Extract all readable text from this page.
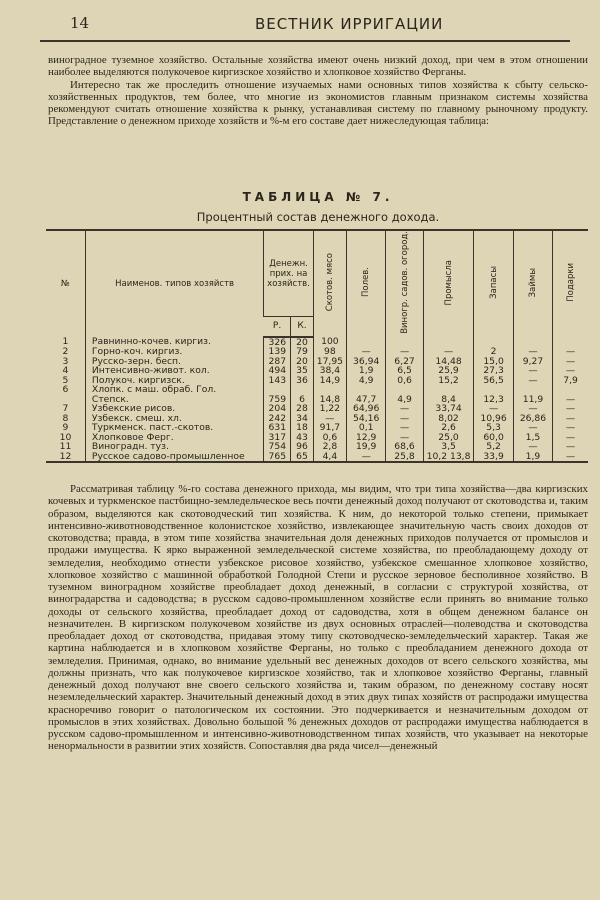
14	ВЕСТНИК ИРРИГАЦИИ

виноградное туземное хозяйство. Остальные хозяйства имеют очень низкий доход, при чем в этом отношении наиболее выделяются полукочевое киргизское хозяйство и хлопковое хозяйство Ферганы.

Интересно так же проследить отношение изучаемых нами основных типов хозяйства к сбыту сельско-хозяйственных продуктов, тем более, что многие из экономистов главным признаком системы хозяйства рекомендуют считать отношение хозяйства к рынку, устанавливая систему по главному рыночному продукту. Представление о денежном приходе хозяйств и %-м его составе дает нижеследующая таблица:

ТАБЛИЦА № 7.
Процентный состав денежного дохода.
№	Наименов. типов хозяйств	Денежн. прих. на хозяйств.		Скотов. мясо	Полев.	Виногр. садов. огород.	Промысла	Запасы	Займы	Подарки
		Р.	К.							
1	Равнинно-кочев. киргиз.	326	20	100						
2	Горно-коч. киргиз.	139	79	98	—	—	—	2	—	—
3	Русско-зерн. бесп.	287	20	17,95	36,94	6,27	14,48	15,0	9,27	—
4	Интенсивно-живот. кол.	494	35	38,4	1,9	6,5	25,9	27,3	—	—
5	Полукоч. киргизск.	143	36	14,9	4,9	0,6	15,2	56,5	—	7,9
6	Хлопк. с маш. обраб. Гол.									
	Степск.	759	6	14,8	47,7	4,9	8,4	12,3	11,9	—
7	Узбекские рисов.	204	28	1,22	64,96	—	33,74	—	—	—
8	Узбекск. смеш. хл.	242	34	—	54,16	—	8,02	10,96	26,86	—
9	Туркменск. паст.-скотов.	631	18	91,7	0,1	—	2,6	5,3	—	—
10	Хлопковое Ферг.	317	43	0,6	12,9	—	25,0	60,0	1,5	—
11	Виноградн. туз.	754	96	2,8	19,9	68,6	3,5	5,2	—	—
12	Русское садово-промышленное	765	65	4,4	—	25,8	10,2 13,8	33,9	1,9	—

Рассматривая таблицу %-го состава денежного прихода, мы видим, что три типа хозяйства—два киргизских кочевых и туркменское пастбищно-земледельческое весь почти денежный доход получают от скотоводства и, таким образом, выделяются как скотоводческий тип хозяйства. К ним, до некоторой только степени, примыкает интенсивно-животноводственное колонистское хозяйство, извлекающее значительную часть своих доходов от скотоводства; правда, в этом типе хозяйства значительная доля денежных приходов получается от промыслов и продажи имущества. К ярко выраженной земледельческой системе хозяйства, по преобладающему доходу от земледелия, необходимо отнести узбекское рисовое хозяйство, узбекское смешанное хлопковое хозяйство, хлопковое хозяйство с машинной обработкой Голодной Степи и русское зерновое бесполивное хозяйство. В туземном виноградном хозяйстве преобладает доход денежный, в согласии с структурой хозяйства, от виноградарства и садоводства; в русском садово-промышленном хозяйстве если принять во внимание только доходы от сельского хозяйства, преобладает доход от садоводства, хотя в общем денежном балансе он незначителен. В киргизском полукочевом хозяйстве из двух основных отраслей—полеводства и скотоводства преобладает доход от скотоводства, придавая этому типу скотоводческо-земледельческий характер. Такая же картина наблюдается и в хлопковом хозяйстве Ферганы, но только с преобладанием денежного дохода от земледелия. Принимая, однако, во внимание удельный вес денежных доходов от всего сельского хозяйства, мы должны признать, что как полукочевое киргизское хозяйство, так и хлопковое хозяйство Ферганы, главный денежный доход получают вне своего сельского хозяйства и, таким образом, по денежному составу носят неземледельческий характер. Значительный денежный доход в этих двух типах хозяйств от распродажи имущества красноречиво говорит о патологическом их состоянии. Это подчеркивается и незначительным доходом от промыслов в этих хозяйствах. Довольно большой % денежных доходов от распродажи имущества наблюдается в русском садово-промышленном и интенсивно-животноводственном типах хозяйств, что указывает на некоторые ненормальности в развитии этих хозяйств. Сопоставляя два ряда чисел—денежный
